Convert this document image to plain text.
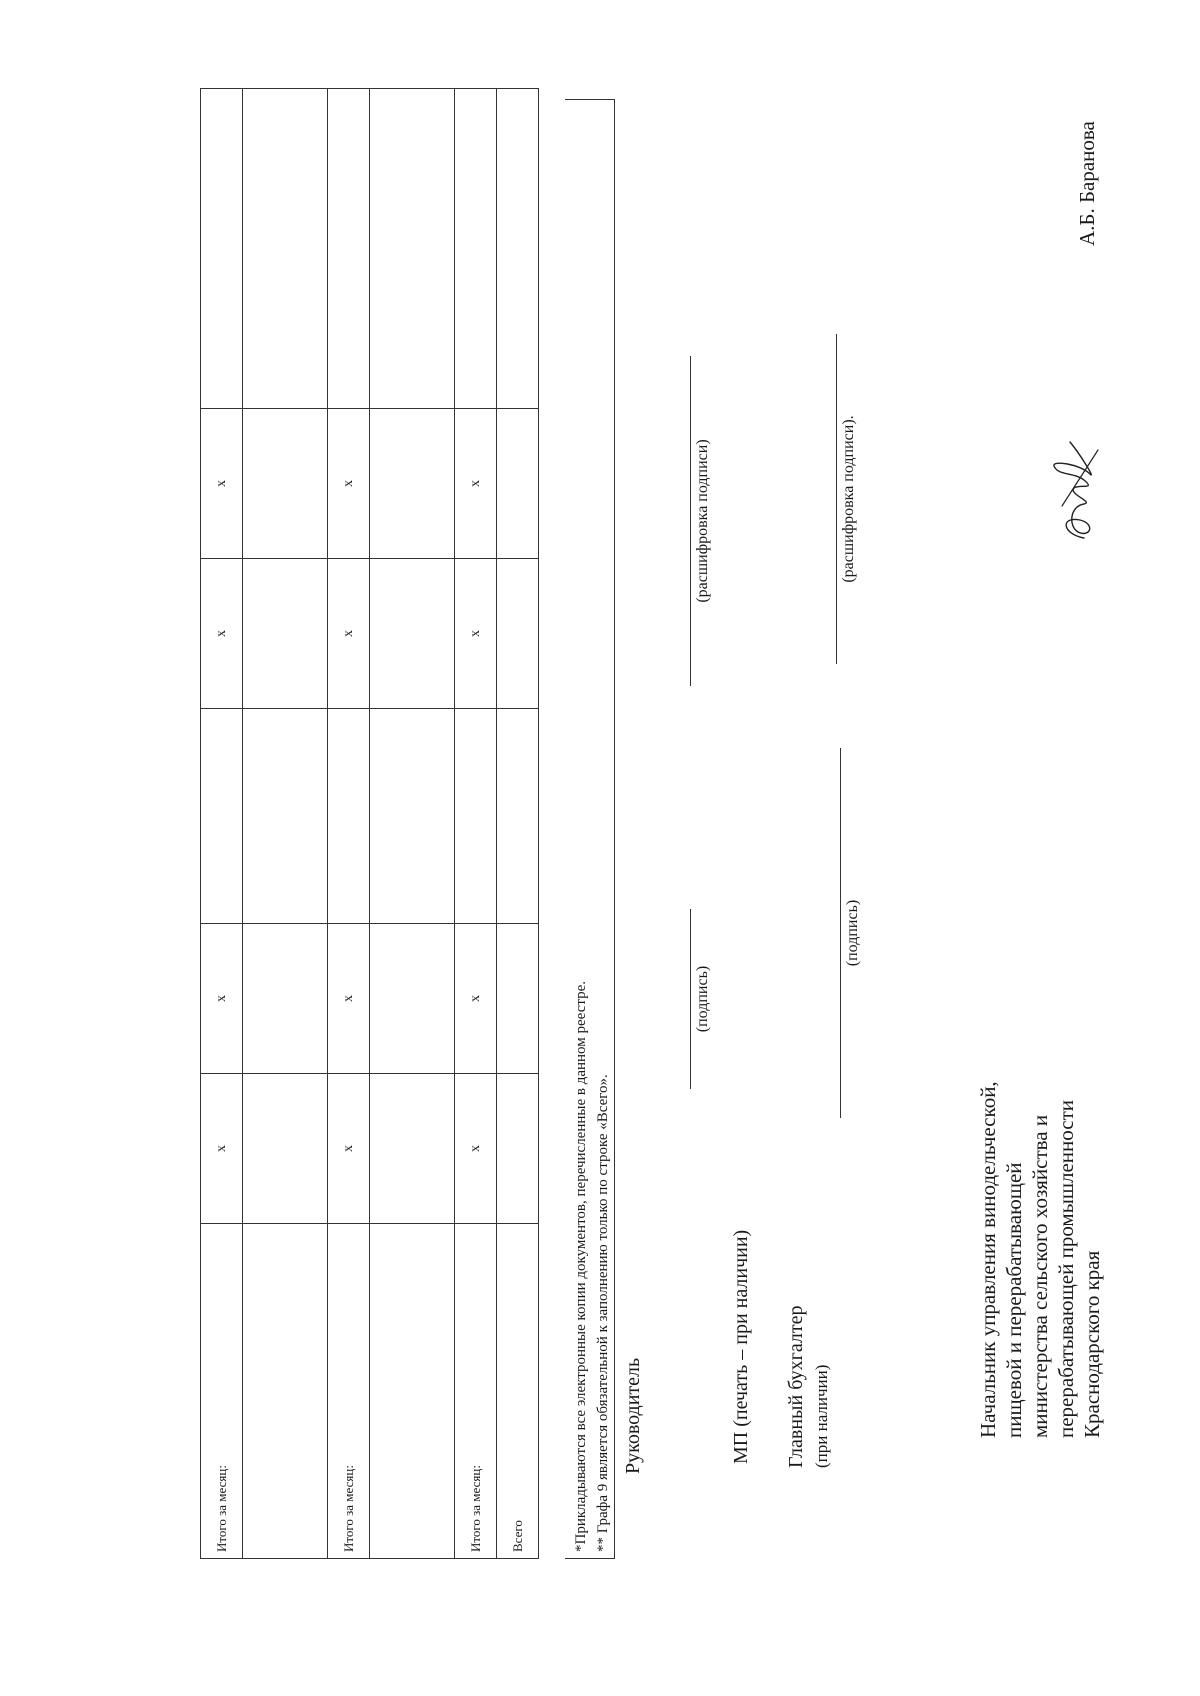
Итого за месяц:	х	х		х	х		

Итого за месяц:	х	х		х	х		

Итого за месяц:	х	х		х	х		
Всего								*Прикладываются все электронные копии документов, перечисленные в данном реестре. ** Графа 9 является обязательной к заполнению только по строке «Всего». Руководитель
(подпись)
(расшифровка подписи)
МП (печать – при наличии) Главный бухгалтер (при наличии)
(подпись)
(расшифровка подписи).
Начальник управления винодельческой, пищевой и перерабатывающей министерства сельского хозяйства и перерабатывающей промышленности Краснодарского края
А.Б. Баранова
